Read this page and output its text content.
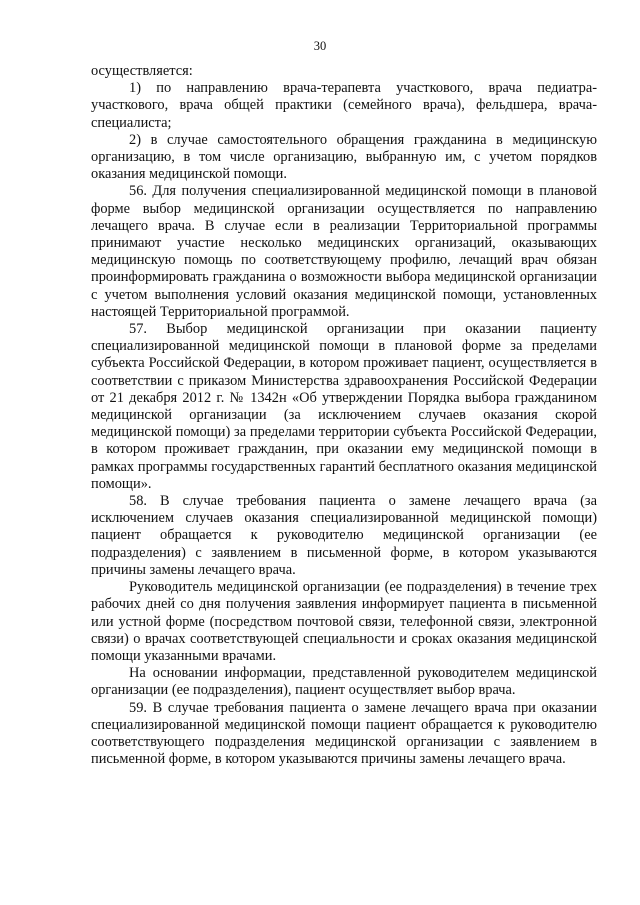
30

осуществляется:

1) по направлению врача-терапевта участкового, врача педиатра-участкового, врача общей практики (семейного врача), фельдшера, врача-специалиста;

2) в случае самостоятельного обращения гражданина в медицинскую организацию, в том числе организацию, выбранную им, с учетом порядков оказания медицинской помощи.

56. Для получения специализированной медицинской помощи в плановой форме выбор медицинской организации осуществляется по направлению лечащего врача. В случае если в реализации Территориальной программы принимают участие несколько медицинских организаций, оказывающих медицинскую помощь по соответствующему профилю, лечащий врач обязан проинформировать гражданина о возможности выбора медицинской организации с учетом выполнения условий оказания медицинской помощи, установленных настоящей Территориальной программой.

57. Выбор медицинской организации при оказании пациенту специализированной медицинской помощи в плановой форме за пределами субъекта Российской Федерации, в котором проживает пациент, осуществляется в соответствии с приказом Министерства здравоохранения Российской Федерации от 21 декабря 2012 г. № 1342н «Об утверждении Порядка выбора гражданином медицинской организации (за исключением случаев оказания скорой медицинской помощи) за пределами территории субъекта Российской Федерации, в котором проживает гражданин, при оказании ему медицинской помощи в рамках программы государственных гарантий бесплатного оказания медицинской помощи».

58. В случае требования пациента о замене лечащего врача (за исключением случаев оказания специализированной медицинской помощи) пациент обращается к руководителю медицинской организации (ее подразделения) с заявлением в письменной форме, в котором указываются причины замены лечащего врача.

Руководитель медицинской организации (ее подразделения) в течение трех рабочих дней со дня получения заявления информирует пациента в письменной или устной форме (посредством почтовой связи, телефонной связи, электронной связи) о врачах соответствующей специальности и сроках оказания медицинской помощи указанными врачами.

На основании информации, представленной руководителем медицинской организации (ее подразделения), пациент осуществляет выбор врача.

59. В случае требования пациента о замене лечащего врача при оказании специализированной медицинской помощи пациент обращается к руководителю соответствующего подразделения медицинской организации с заявлением в письменной форме, в котором указываются причины замены лечащего врача.
